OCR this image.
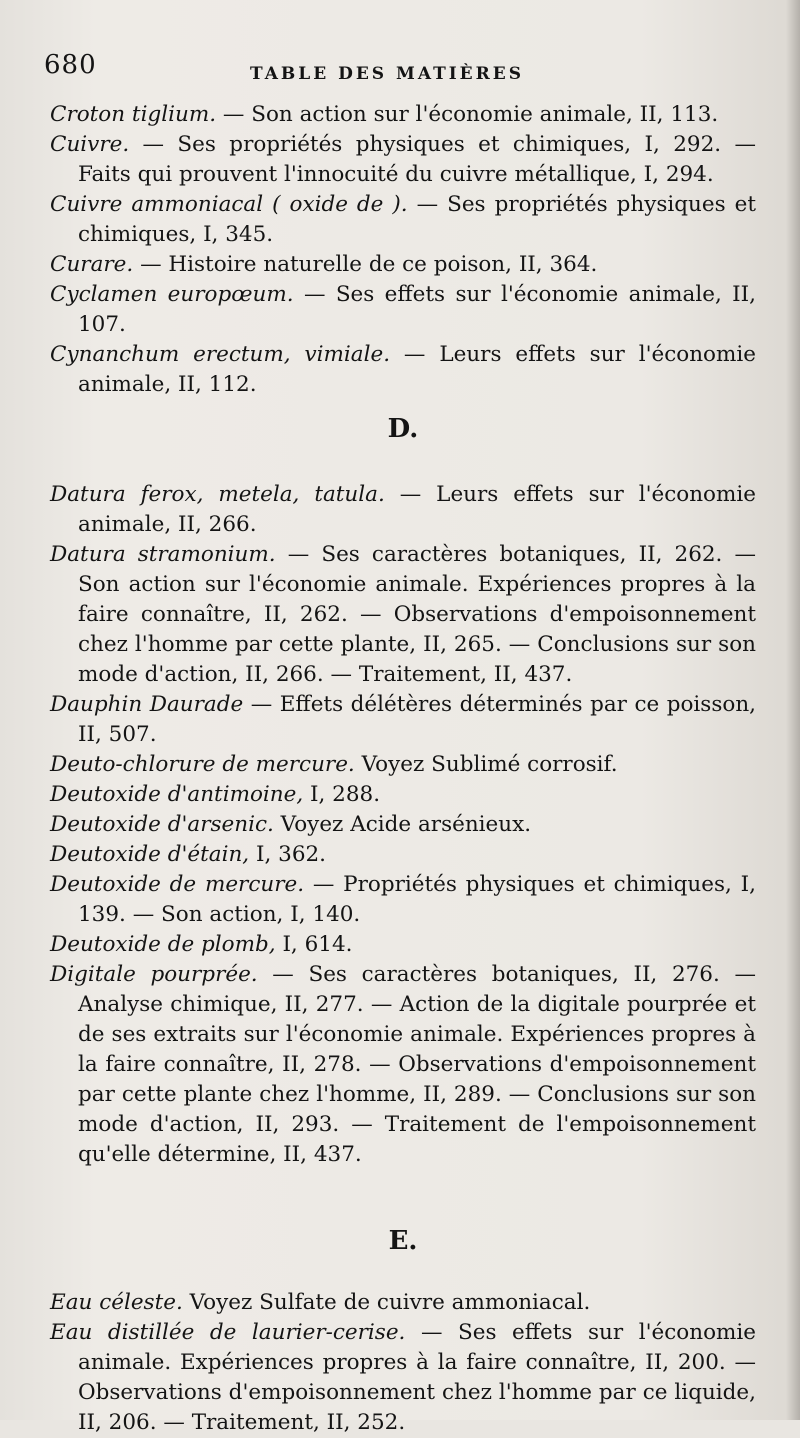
680	TABLE DES MATIÈRES

Croton tiglium. — Son action sur l'économie animale, II, 113.

Cuivre. — Ses propriétés physiques et chimiques, I, 292. — Faits qui prouvent l'innocuité du cuivre métallique, I, 294.

Cuivre ammoniacal ( oxide de ). — Ses propriétés physiques et chimiques, I, 345.

Curare. — Histoire naturelle de ce poison, II, 364.

Cyclamen europœum. — Ses effets sur l'économie animale, II, 107.

Cynanchum erectum, vimiale. — Leurs effets sur l'économie animale, II, 112.

D.

Datura ferox, metela, tatula. — Leurs effets sur l'économie animale, II, 266.

Datura stramonium. — Ses caractères botaniques, II, 262. — Son action sur l'économie animale. Expériences propres à la faire connaître, II, 262. — Observations d'empoisonnement chez l'homme par cette plante, II, 265. — Conclusions sur son mode d'action, II, 266. — Traitement, II, 437.

Dauphin Daurade — Effets délétères déterminés par ce poisson, II, 507.

Deuto-chlorure de mercure. Voyez Sublimé corrosif.

Deutoxide d'antimoine, I, 288.

Deutoxide d'arsenic. Voyez Acide arsénieux.

Deutoxide d'étain, I, 362.

Deutoxide de mercure. — Propriétés physiques et chimiques, I, 139. — Son action, I, 140.

Deutoxide de plomb, I, 614.

Digitale pourprée. — Ses caractères botaniques, II, 276. — Analyse chimique, II, 277. — Action de la digitale pourprée et de ses extraits sur l'économie animale. Expériences propres à la faire connaître, II, 278. — Observations d'empoisonnement par cette plante chez l'homme, II, 289. — Conclusions sur son mode d'action, II, 293. — Traitement de l'empoisonnement qu'elle détermine, II, 437.

E.

Eau céleste. Voyez Sulfate de cuivre ammoniacal.

Eau distillée de laurier-cerise. — Ses effets sur l'économie animale. Expériences propres à la faire connaître, II, 200. — Observations d'empoisonnement chez l'homme par ce liquide, II, 206. — Traitement, II, 252.
